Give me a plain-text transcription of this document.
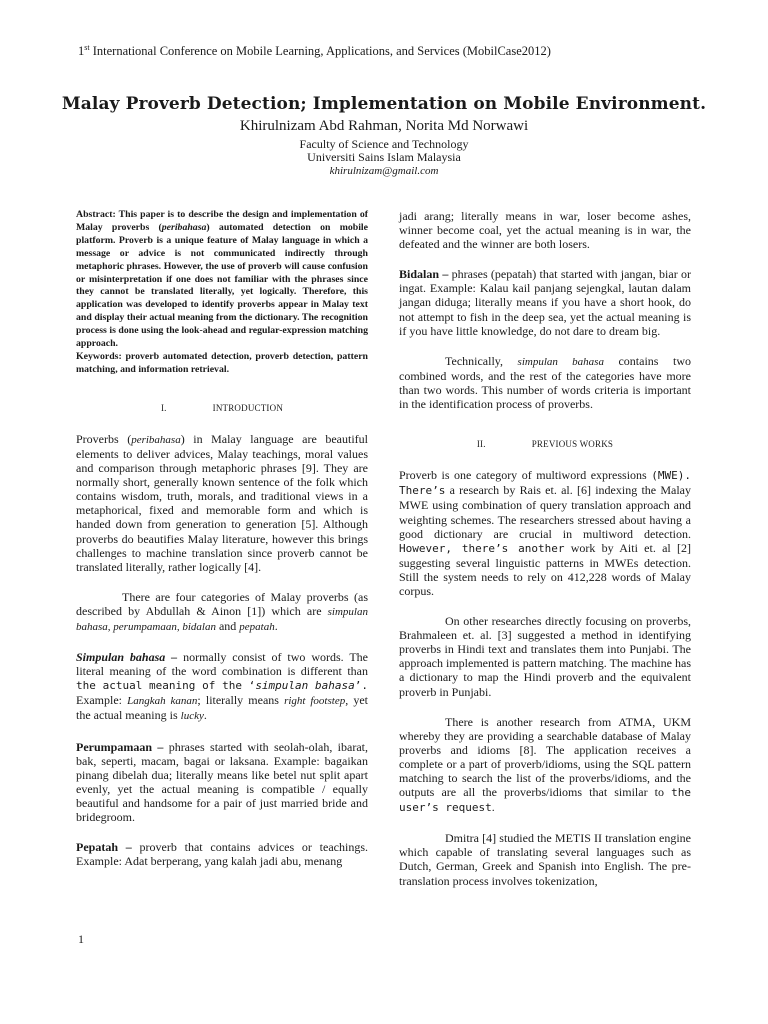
1st International Conference on Mobile Learning, Applications, and Services (MobilCase2012)
Malay Proverb Detection; Implementation on Mobile Environment.
Khirulnizam Abd Rahman, Norita Md Norwawi
Faculty of Science and Technology
Universiti Sains Islam Malaysia
khirulnizam@gmail.com

Abstract: This paper is to describe the design and implementation of Malay proverbs (peribahasa) automated detection on mobile platform. Proverb is a unique feature of Malay language in which a message or advice is not communicated indirectly through metaphoric phrases. However, the use of proverb will cause confusion or misinterpretation if one does not familiar with the phrases since they cannot be translated literally, yet logically. Therefore, this application was developed to identify proverbs appear in Malay text and display their actual meaning from the dictionary. The recognition process is done using the look-ahead and regular-expression matching approach.

Keywords: proverb automated detection, proverb detection, pattern matching, and information retrieval.

I.	INTRODUCTION

Proverbs (peribahasa) in Malay language are beautiful elements to deliver advices, Malay teachings, moral values and comparison through metaphoric phrases [9]. They are normally short, generally known sentence of the folk which contains wisdom, truth, morals, and traditional views in a metaphorical, fixed and memorable form and which is handed down from generation to generation [5]. Although proverbs do beautifies Malay literature, however this brings challenges to machine translation since proverb cannot be translated literally, rather logically [4].

There are four categories of Malay proverbs (as described by Abdullah & Ainon [1]) which are simpulan bahasa, perumpamaan, bidalan and pepatah.

Simpulan bahasa – normally consist of two words. The literal meaning of the word combination is different than the actual meaning of the ‘simpulan bahasa’. Example: Langkah kanan; literally means right footstep, yet the actual meaning is lucky.

Perumpamaan – phrases started with seolah-olah, ibarat, bak, seperti, macam, bagai or laksana. Example: bagaikan pinang dibelah dua; literally means like betel nut split apart evenly, yet the actual meaning is compatible / equally beautiful and handsome for a pair of just married bride and bridegroom.

Pepatah – proverb that contains advices or teachings. Example: Adat berperang, yang kalah jadi abu, menang

jadi arang; literally means in war, loser become ashes, winner become coal, yet the actual meaning is in war, the defeated and the winner are both losers.

Bidalan – phrases (pepatah) that started with jangan, biar or ingat. Example: Kalau kail panjang sejengkal, lautan dalam jangan diduga; literally means if you have a short hook, do not attempt to fish in the deep sea, yet the actual meaning is if you have little knowledge, do not dare to dream big.

Technically, simpulan bahasa contains two combined words, and the rest of the categories have more than two words. This number of words criteria is important in the identification process of proverbs.

II.	PREVIOUS WORKS

Proverb is one category of multiword expressions (MWE). There’s a research by Rais et. al. [6] indexing the Malay MWE using combination of query translation approach and weighting schemes. The researchers stressed about having a good dictionary are crucial in multiword detection. However, there’s another work by Aiti et. al [2] suggesting several linguistic patterns in MWEs detection. Still the system needs to rely on 412,228 words of Malay corpus.

On other researches directly focusing on proverbs, Brahmaleen et. al. [3] suggested a method in identifying proverbs in Hindi text and translates them into Punjabi. The approach implemented is pattern matching. The machine has a dictionary to map the Hindi proverb and the equivalent proverb in Punjabi.

There is another research from ATMA, UKM whereby they are providing a searchable database of Malay proverbs and idioms [8]. The application receives a complete or a part of proverb/idioms, using the SQL pattern matching to search the list of the proverbs/idioms, and the outputs are all the proverbs/idioms that similar to the user’s request.

Dmitra [4] studied the METIS II translation engine which capable of translating several languages such as Dutch, German, Greek and Spanish into English. The pre-translation process involves tokenization,

1
